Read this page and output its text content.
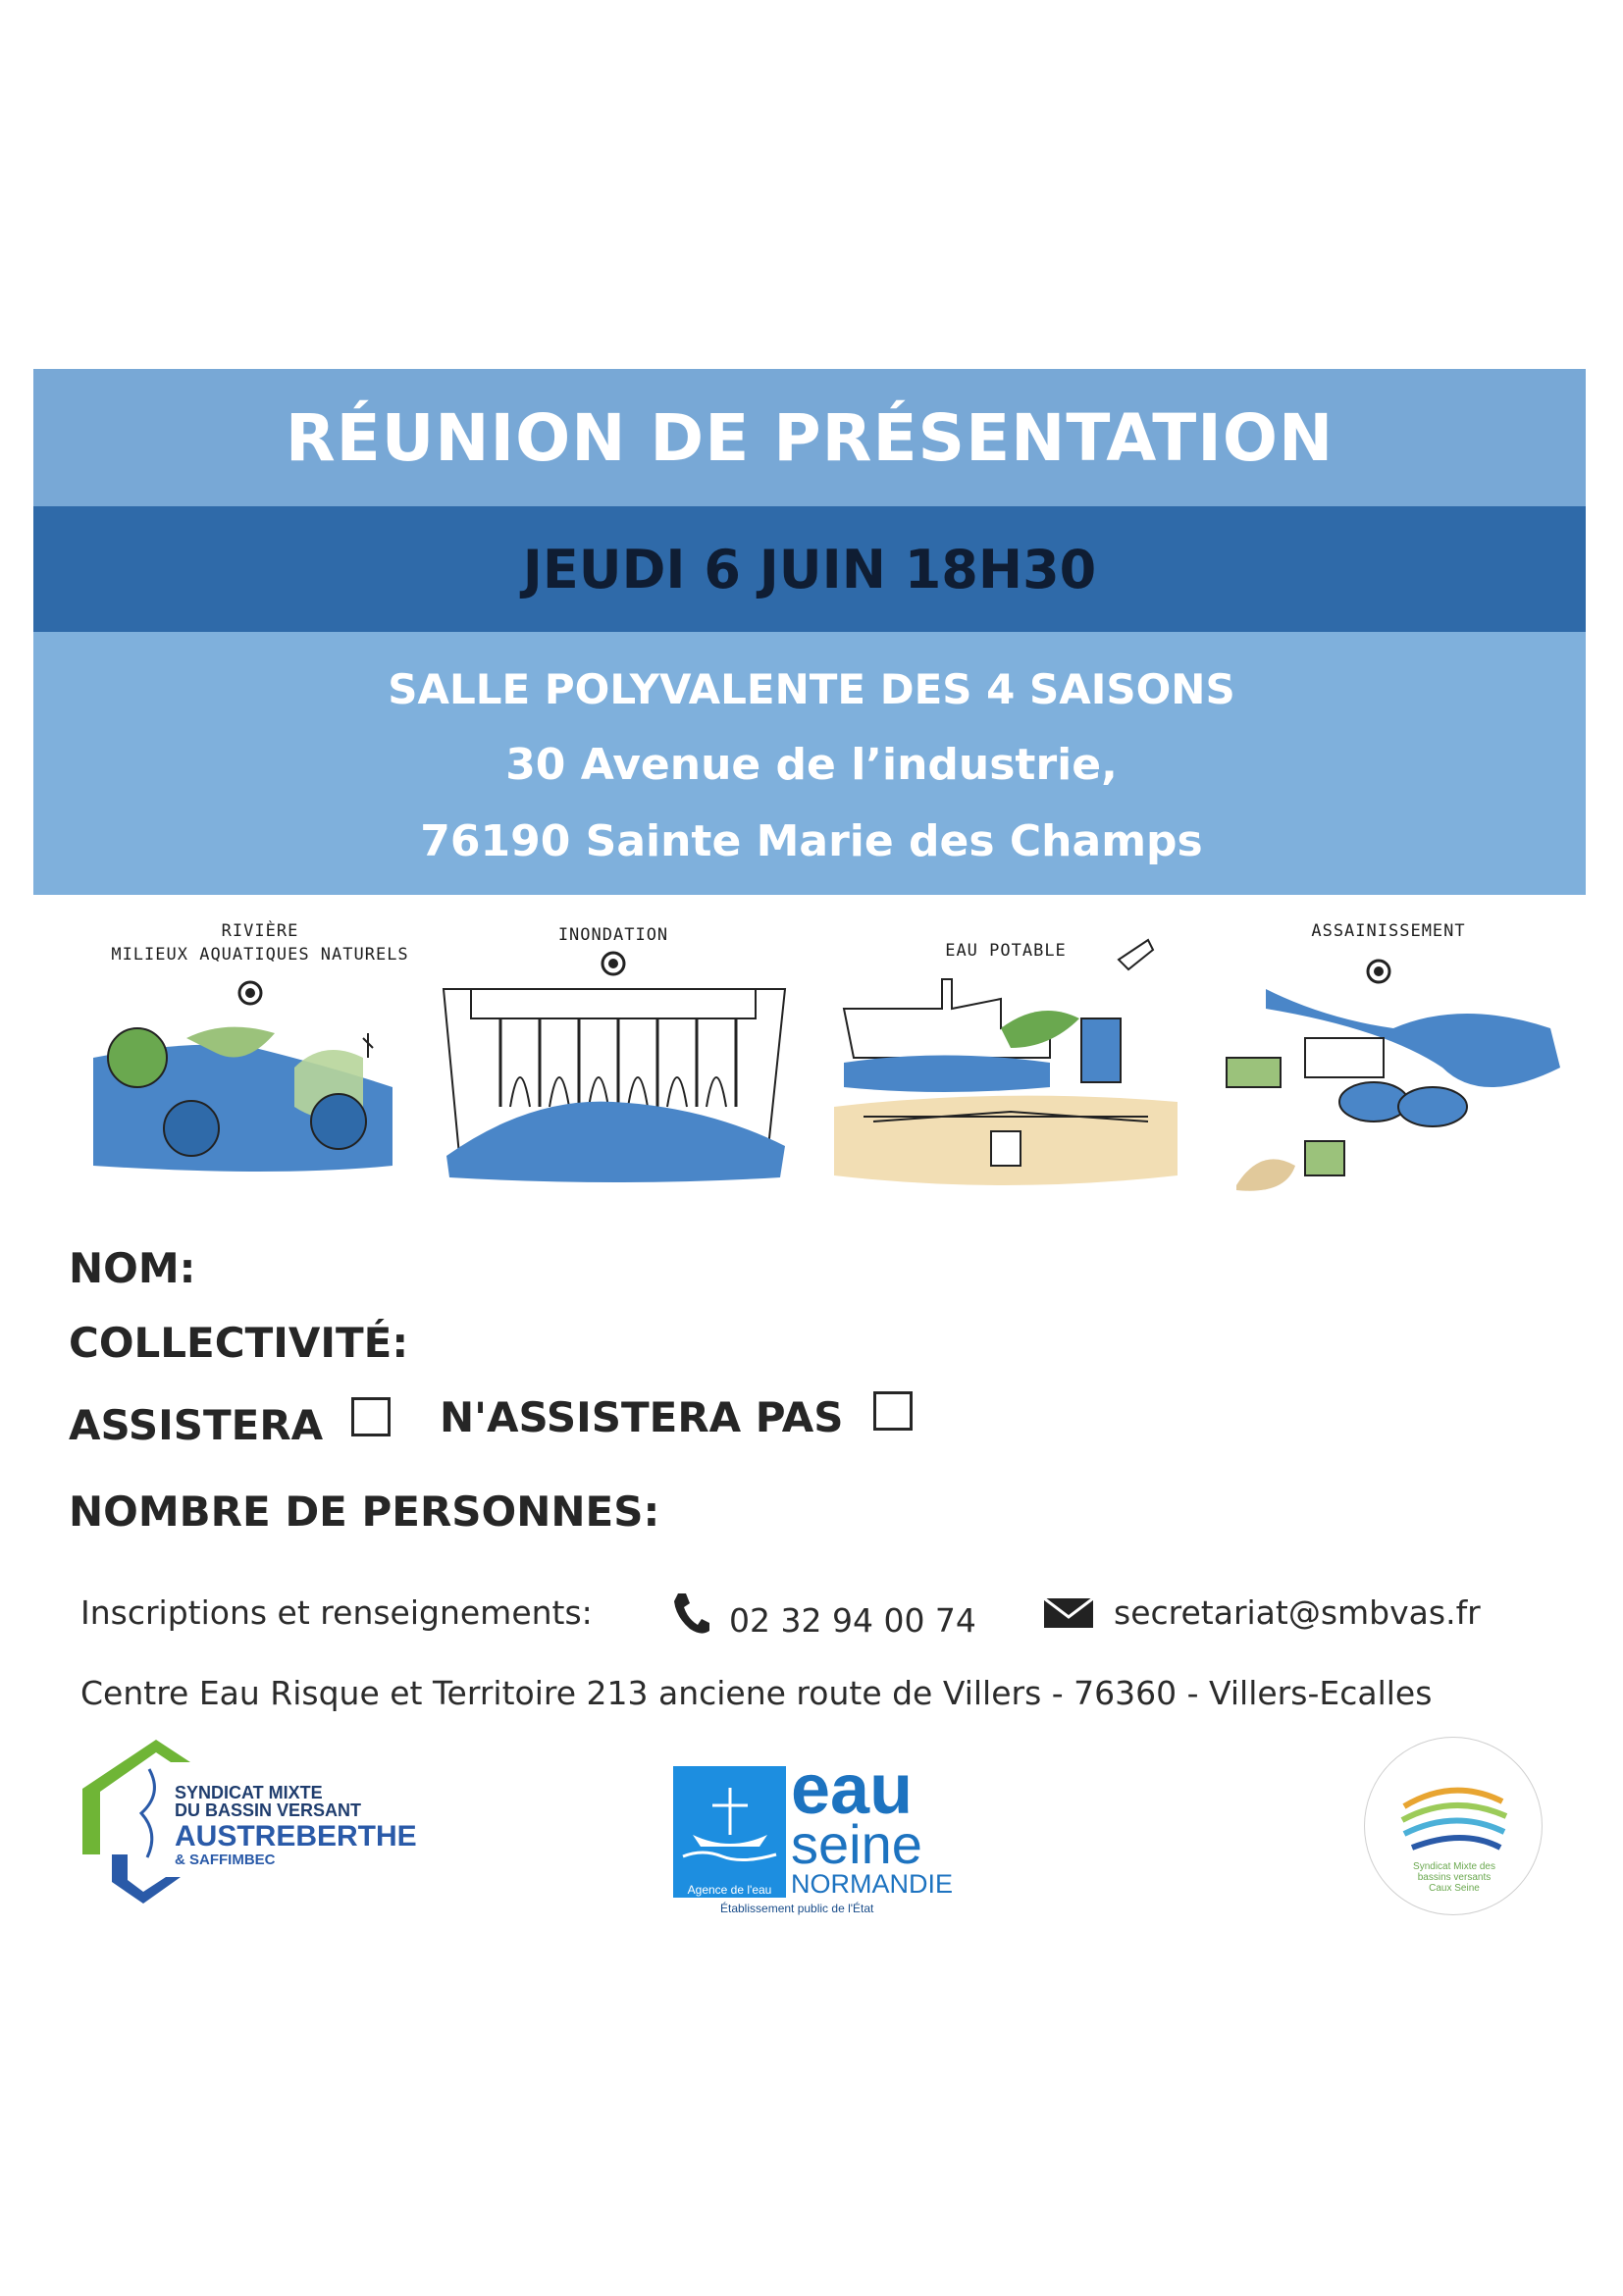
RÉUNION DE PRÉSENTATION
JEUDI 6 JUIN 18H30
SALLE POLYVALENTE DES 4 SAISONS
30 Avenue de l’industrie,
76190 Sainte Marie des Champs
RIVIÈRE
MILIEUX AQUATIQUES NATURELS
INONDATION
EAU POTABLE
ASSAINISSEMENT
NOM:
COLLECTIVITÉ:
ASSISTERA	N'ASSISTERA PAS
NOMBRE DE PERSONNES:
Inscriptions et renseignements:	02 32 94 00 74	secretariat@smbvas.fr
Centre Eau Risque et Territoire 213 anciene route de Villers - 76360 - Villers-Ecalles
SYNDICAT MIXTE
DU BASSIN VERSANT
AUSTREBERTHE
& SAFFIMBEC
Agence de l'eau
eau
seine
NORMANDIE
Établissement public de l'État
Syndicat Mixte des
bassins versants
Caux Seine
